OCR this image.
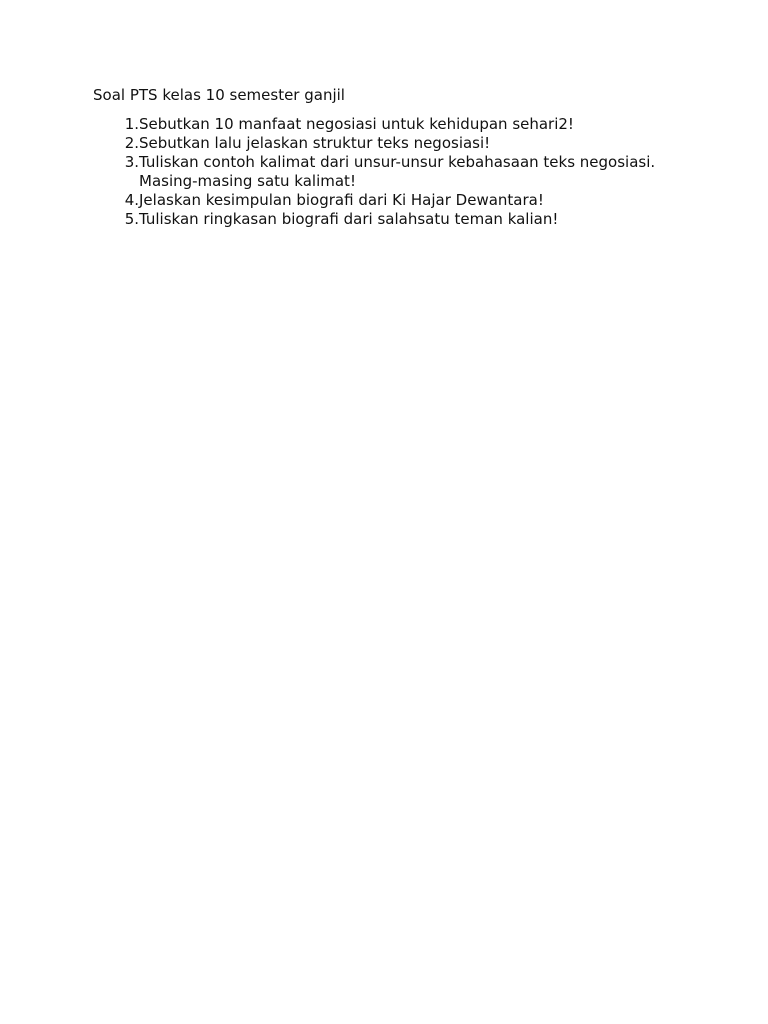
Soal PTS kelas 10 semester ganjil

1. Sebutkan 10 manfaat negosiasi untuk kehidupan sehari2!
2. Sebutkan lalu jelaskan struktur teks negosiasi!
3. Tuliskan contoh kalimat dari unsur-unsur kebahasaan teks negosiasi.
Masing-masing satu kalimat!
4. Jelaskan kesimpulan biografi dari Ki Hajar Dewantara!
5. Tuliskan ringkasan biografi dari salahsatu teman kalian!
